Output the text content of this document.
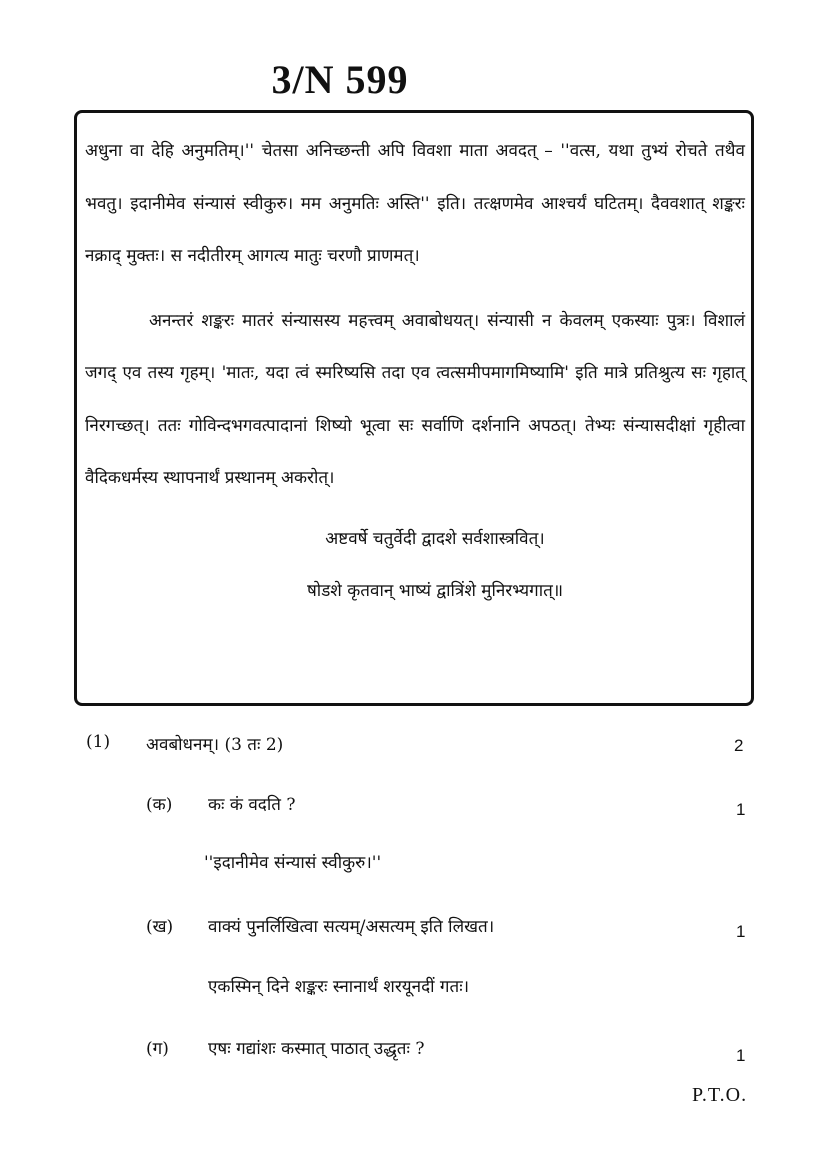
3/N 599

अधुना वा देहि अनुमतिम्।'' चेतसा अनिच्छन्ती अपि विवशा माता अवदत् – ''वत्स, यथा तुभ्यं रोचते तथैव भवतु। इदानीमेव संन्यासं स्वीकुरु। मम अनुमतिः अस्ति'' इति। तत्क्षणमेव आश्चर्यं घटितम्। दैववशात् शङ्करः नक्राद् मुक्तः। स नदीतीरम् आगत्य मातुः चरणौ प्राणमत्।

अनन्तरं शङ्करः मातरं संन्यासस्य महत्त्वम् अवाबोधयत्। संन्यासी न केवलम् एकस्याः पुत्रः। विशालं जगद् एव तस्य गृहम्। 'मातः, यदा त्वं स्मरिष्यसि तदा एव त्वत्समीपमागमिष्यामि' इति मात्रे प्रतिश्रुत्य सः गृहात् निरगच्छत्। ततः गोविन्दभगवत्पादानां शिष्यो भूत्वा सः सर्वाणि दर्शनानि अपठत्। तेभ्यः संन्यासदीक्षां गृहीत्वा वैदिकधर्मस्य स्थापनार्थं प्रस्थानम् अकरोत्।

अष्टवर्षे चतुर्वेदी द्वादशे सर्वशास्त्रवित्।

षोडशे कृतवान् भाष्यं द्वात्रिंशे मुनिरभ्यगात्॥

(1) अवबोधनम्। (3 तः 2)	2
(क) कः कं वदति ?	1
''इदानीमेव संन्यासं स्वीकुरु।''
(ख) वाक्यं पुनर्लिखित्वा सत्यम्/असत्यम् इति लिखत।	1
एकस्मिन् दिने शङ्करः स्नानार्थं शरयूनदीं गतः।
(ग) एषः गद्यांशः कस्मात् पाठात् उद्धृतः ?	1
P.T.O.
